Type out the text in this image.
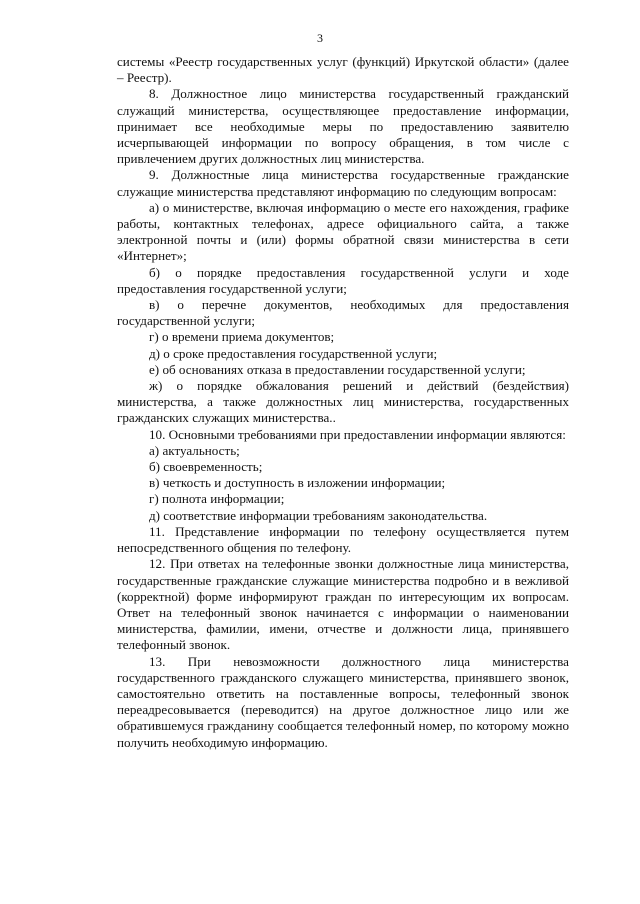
3

системы «Реестр государственных услуг (функций) Иркутской области» (далее – Реестр).

8. Должностное лицо министерства государственный гражданский служащий министерства, осуществляющее предоставление информации, принимает все необходимые меры по предоставлению заявителю исчерпывающей информации по вопросу обращения, в том числе с привлечением других должностных лиц министерства.

9. Должностные лица министерства государственные гражданские служащие министерства представляют информацию по следующим вопросам:

а) о министерстве, включая информацию о месте его нахождения, графике работы, контактных телефонах, адресе официального сайта, а также электронной почты и (или) формы обратной связи министерства в сети «Интернет»;

б) о порядке предоставления государственной услуги и ходе предоставления государственной услуги;

в) о перечне документов, необходимых для предоставления государственной услуги;

г) о времени приема документов;

д) о сроке предоставления государственной услуги;

е) об основаниях отказа в предоставлении государственной услуги;

ж) о порядке обжалования решений и действий (бездействия) министерства, а также должностных лиц министерства, государственных гражданских служащих министерства..

10. Основными требованиями при предоставлении информации являются:

а) актуальность;

б) своевременность;

в) четкость и доступность в изложении информации;

г) полнота информации;

д) соответствие информации требованиям законодательства.

11. Представление информации по телефону осуществляется путем непосредственного общения по телефону.

12. При ответах на телефонные звонки должностные лица министерства, государственные гражданские служащие министерства подробно и в вежливой (корректной) форме информируют граждан по интересующим их вопросам. Ответ на телефонный звонок начинается с информации о наименовании министерства, фамилии, имени, отчестве и должности лица, принявшего телефонный звонок.

13. При невозможности должностного лица министерства государственного гражданского служащего министерства, принявшего звонок, самостоятельно ответить на поставленные вопросы, телефонный звонок переадресовывается (переводится) на другое должностное лицо или же обратившемуся гражданину сообщается телефонный номер, по которому можно получить необходимую информацию.
